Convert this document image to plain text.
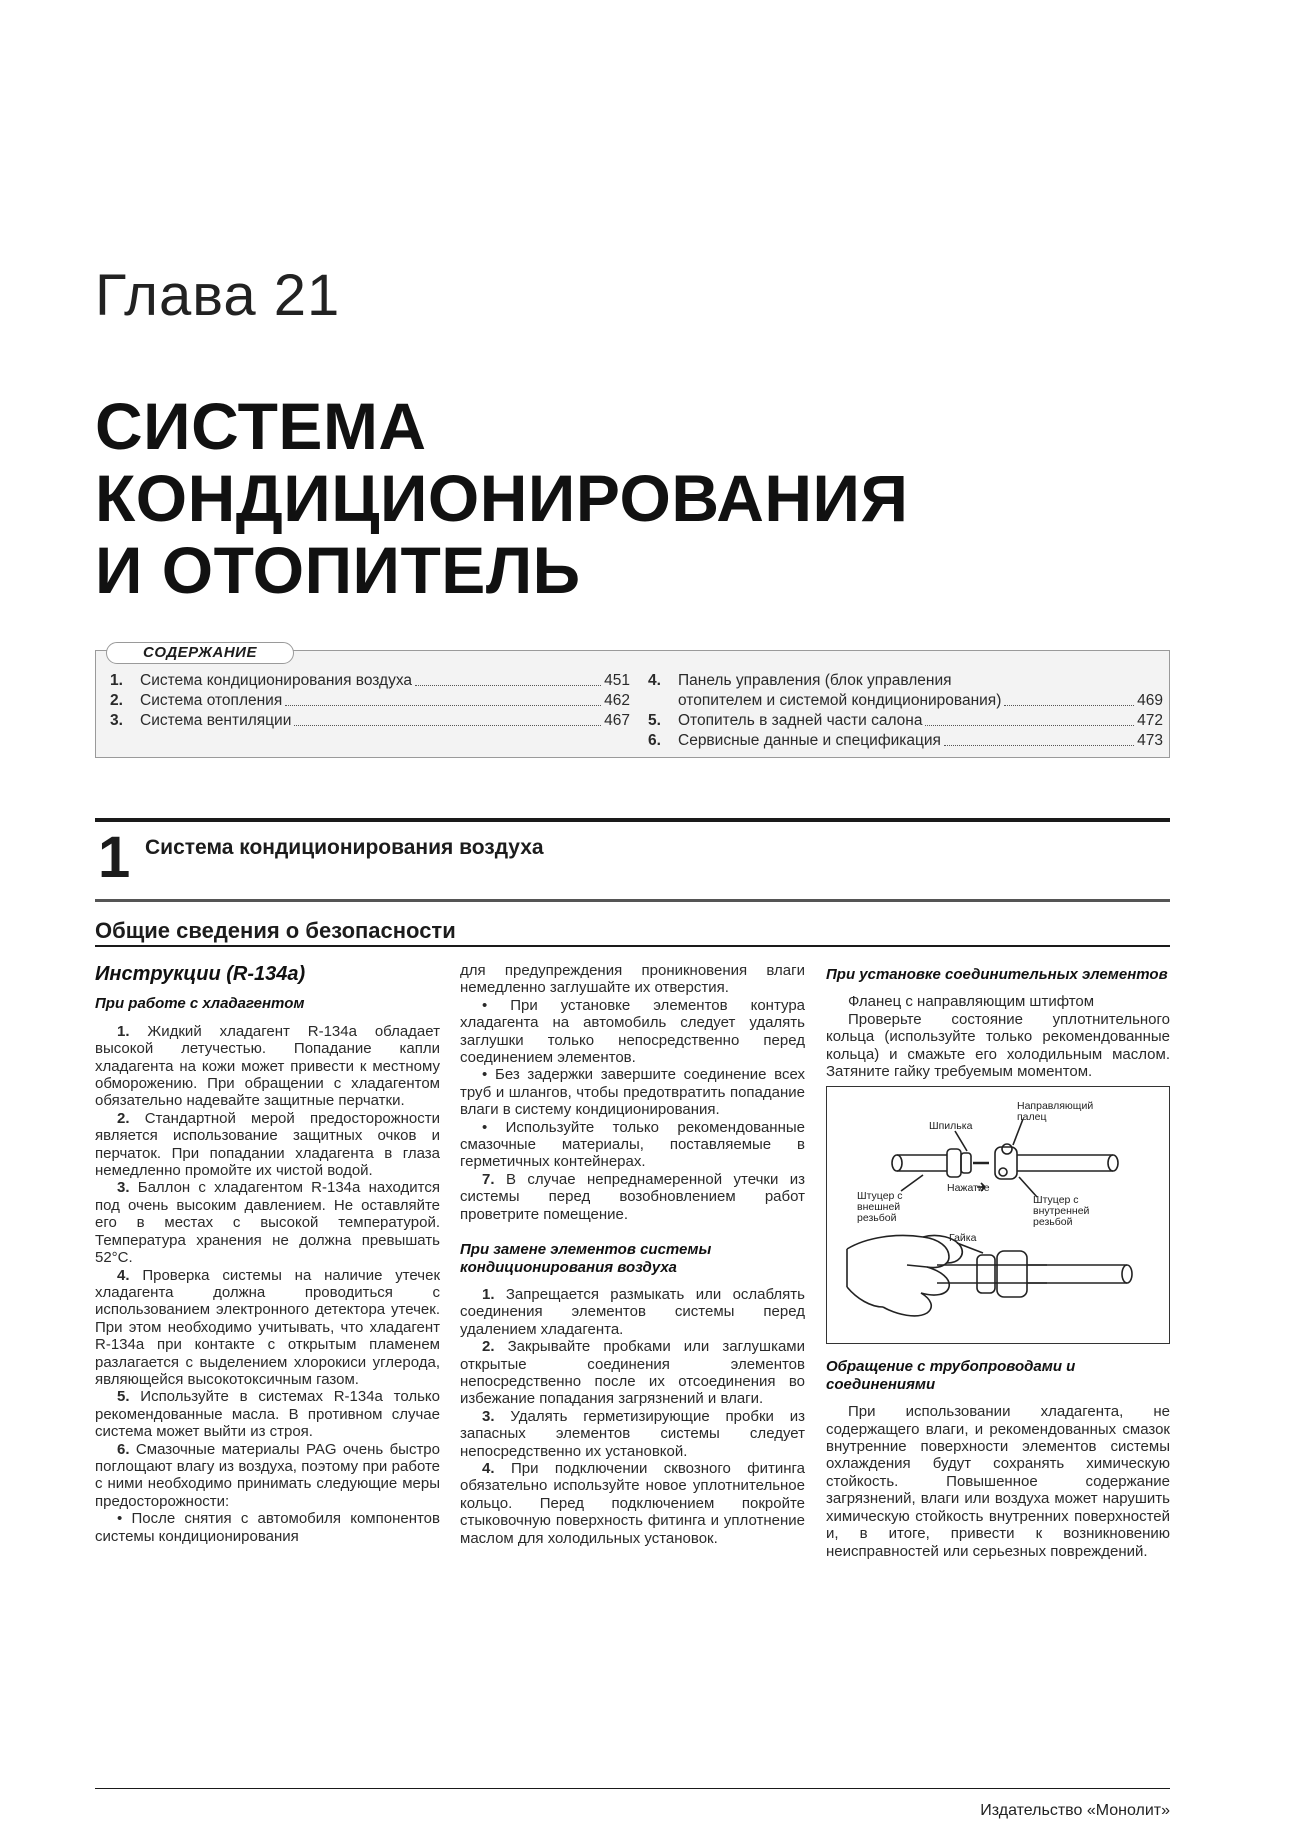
Глава 21
СИСТЕМА
КОНДИЦИОНИРОВАНИЯ
И ОТОПИТЕЛЬ
СОДЕРЖАНИЕ
1.	Система кондиционирования воздуха	451
2.	Система отопления	462
3.	Система вентиляции	467
4.	Панель управления (блок управления
отопителем и системой кондиционирования)	469
5.	Отопитель в задней части салона	472
6.	Сервисные данные и спецификация	473
1 Система кондиционирования воздуха
Общие сведения о безопасности
Инструкции (R-134a)
При работе с хладагентом

1. Жидкий хладагент R-134a обладает высокой летучестью. Попадание капли хладагента на кожи может привести к местному обморожению. При обращении с хладагентом обязательно надевайте защитные перчатки.

2. Стандартной мерой предосторожности является использование защитных очков и перчаток. При попадании хладагента в глаза немедленно промойте их чистой водой.

3. Баллон с хладагентом R-134a находится под очень высоким давлением. Не оставляйте его в местах с высокой температурой. Температура хранения не должна превышать 52°C.

4. Проверка системы на наличие утечек хладагента должна проводиться с использованием электронного детектора утечек. При этом необходимо учитывать, что хладагент R-134a при контакте с открытым пламенем разлагается с выделением хлорокиси углерода, являющейся высокотоксичным газом.

5. Используйте в системах R-134a только рекомендованные масла. В противном случае система может выйти из строя.

6. Смазочные материалы PAG очень быстро поглощают влагу из воздуха, поэтому при работе с ними необходимо принимать следующие меры предосторожности:

• После снятия с автомобиля компонентов системы кондиционирования

для предупреждения проникновения влаги немедленно заглушайте их отверстия.

• При установке элементов контура хладагента на автомобиль следует удалять заглушки только непосредственно перед соединением элементов.

• Без задержки завершите соединение всех труб и шлангов, чтобы предотвратить попадание влаги в систему кондиционирования.

• Используйте только рекомендованные смазочные материалы, поставляемые в герметичных контейнерах.

7. В случае непреднамеренной утечки из системы перед возобновлением работ проветрите помещение.

При замене элементов системы кондиционирования воздуха

1. Запрещается размыкать или ослаблять соединения элементов системы перед удалением хладагента.

2. Закрывайте пробками или заглушками открытые соединения элементов непосредственно после их отсоединения во избежание попадания загрязнений и влаги.

3. Удалять герметизирующие пробки из запасных элементов системы следует непосредственно их установкой.

4. При подключении сквозного фитинга обязательно используйте новое уплотнительное кольцо. Перед подключением покройте стыковочную поверхность фитинга и уплотнение маслом для холодильных установок.

При установке соединительных элементов

Фланец с направляющим штифтом

Проверьте состояние уплотнительного кольца (используйте только рекомендованные кольца) и смажьте его холодильным маслом. Затяните гайку требуемым моментом.

Шпилька
Направляющий палец
Нажатие
Штуцер с внешней резьбой
Штуцер с внутренней резьбой
Гайка
Обращение с трубопроводами и соединениями

При использовании хладагента, не содержащего влаги, и рекомендованных смазок внутренние поверхности элементов системы охлаждения будут сохранять химическую стойкость. Повышенное содержание загрязнений, влаги или воздуха может нарушить химическую стойкость внутренних поверхностей и, в итоге, привести к возникновению неисправностей или серьезных повреждений.

Издательство «Монолит»
